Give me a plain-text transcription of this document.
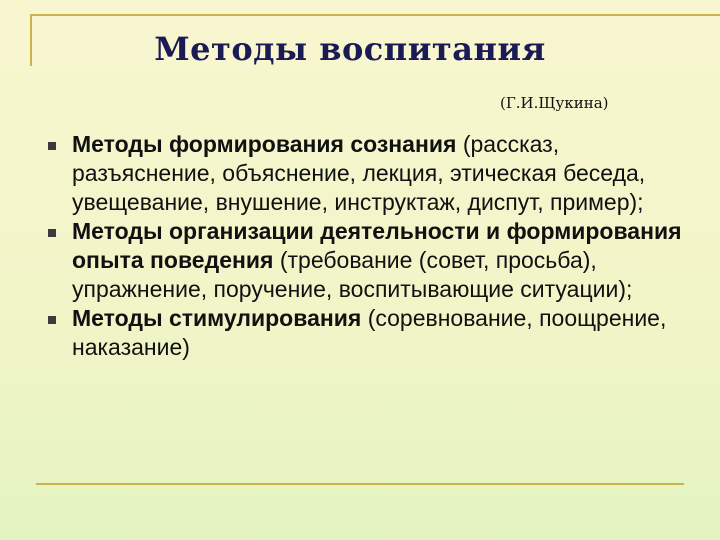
Методы воспитания
(Г.И.Щукина)
Методы формирования сознания (рассказ, разъяснение, объяснение, лекция, этическая беседа, увещевание, внушение, инструктаж, диспут, пример);
Методы организации деятельности и формирования опыта поведения (требование (совет, просьба), упражнение, поручение, воспитывающие ситуации);
Методы стимулирования (соревнование, поощрение, наказание)
